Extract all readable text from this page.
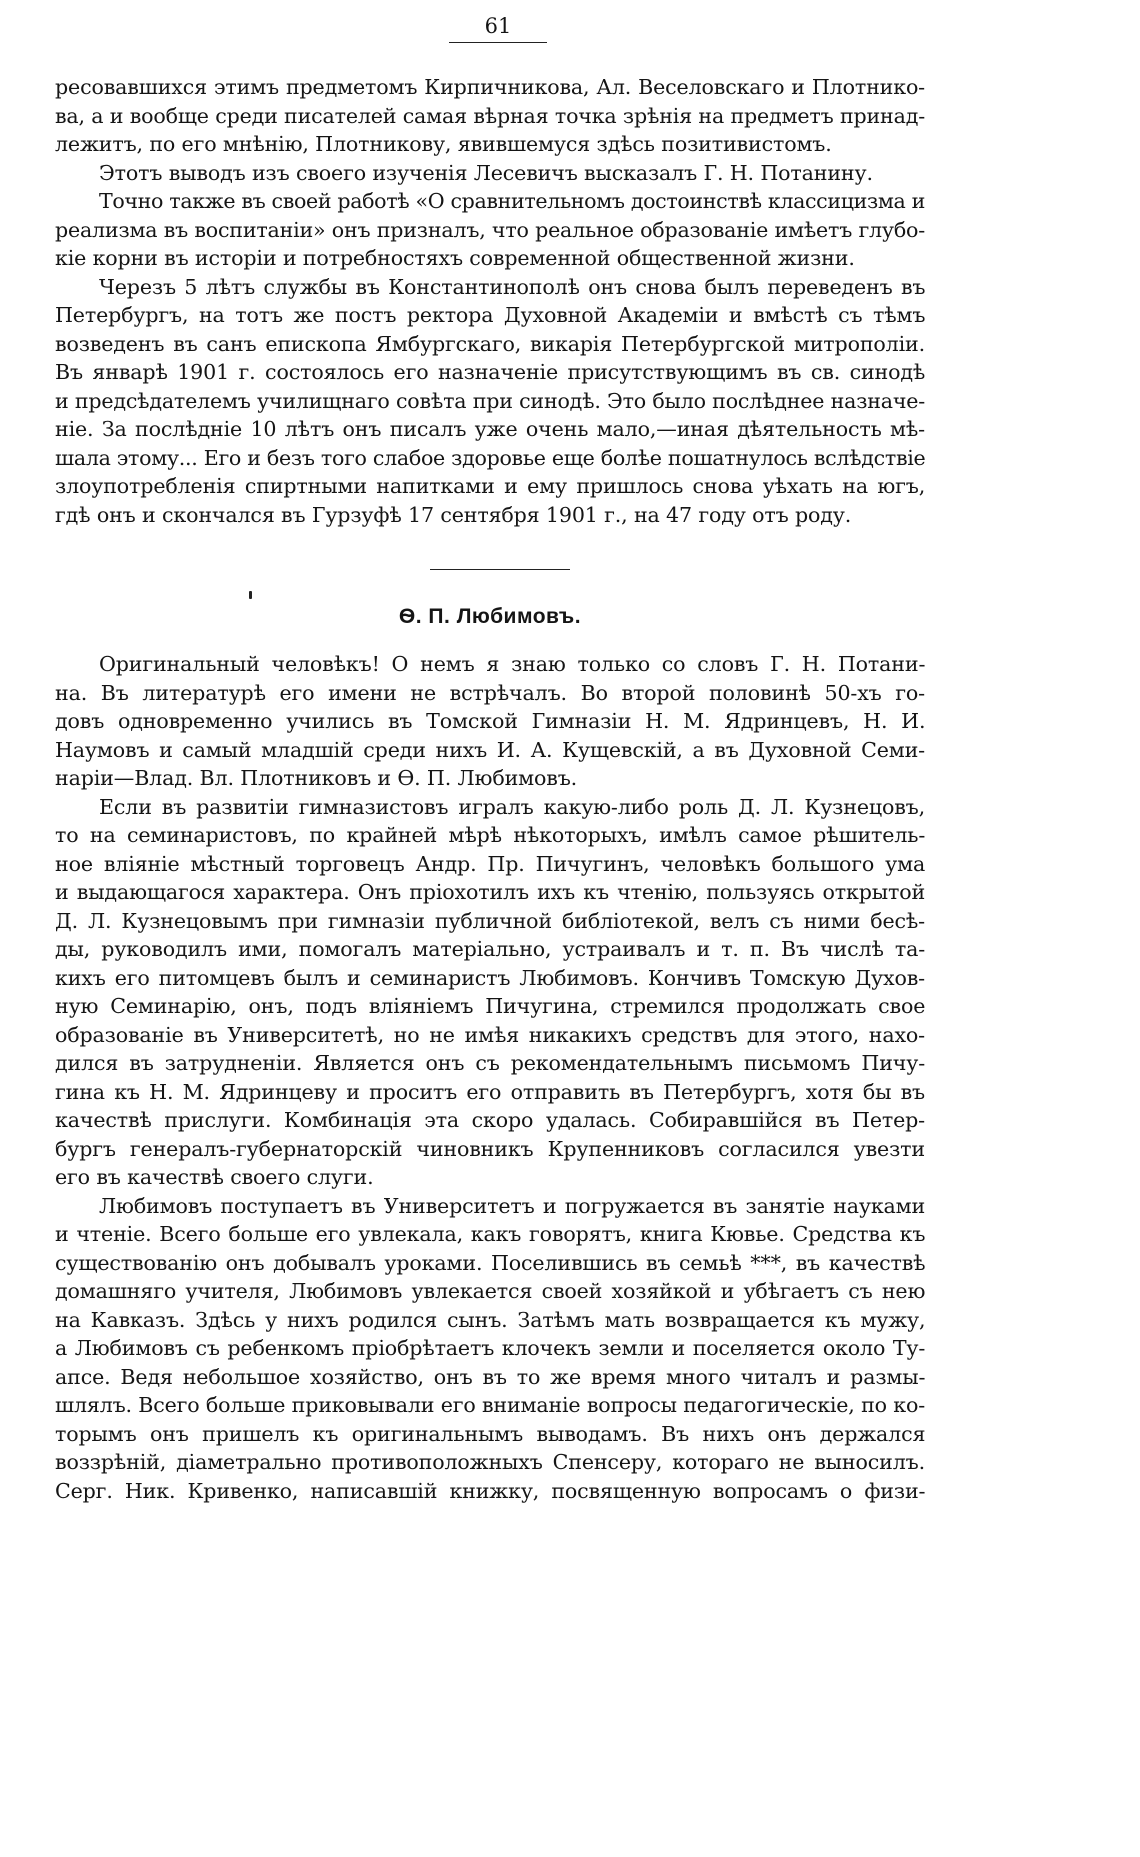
61

ресовавшихся этимъ предметомъ Кирпичникова, Ал. Веселовскаго и Плотнико-
ва, а и вообще среди писателей самая вѣрная точка зрѣнія на предметъ принад-
лежитъ, по его мнѣнію, Плотникову, явившемуся здѣсь позитивистомъ.

Этотъ выводъ изъ своего изученія Лесевичъ высказалъ Г. Н. Потанину.

Точно также въ своей работѣ «О сравнительномъ достоинствѣ классицизма и
реализма въ воспитаніи» онъ призналъ, что реальное образованіе имѣетъ глубо-
кіе корни въ исторіи и потребностяхъ современной общественной жизни.

Черезъ 5 лѣтъ службы въ Константинополѣ онъ снова былъ переведенъ въ
Петербургъ, на тотъ же постъ ректора Духовной Академіи и вмѣстѣ съ тѣмъ
возведенъ въ санъ епископа Ямбургскаго, викарія Петербургской митрополіи.
Въ январѣ 1901 г. состоялось его назначеніе присутствующимъ въ св. синодѣ
и предсѣдателемъ училищнаго совѣта при синодѣ. Это было послѣднее назначе-
ніе. За послѣдніе 10 лѣтъ онъ писалъ уже очень мало,—иная дѣятельность мѣ-
шала этому... Его и безъ того слабое здоровье еще болѣе пошатнулось вслѣдствіе
злоупотребленія спиртными напитками и ему пришлось снова уѣхать на югъ,
гдѣ онъ и скончался въ Гурзуфѣ 17 сентября 1901 г., на 47 году отъ роду.

Ѳ. П. Любимовъ.

Оригинальный человѣкъ! О немъ я знаю только со словъ Г. Н. Потани-
на. Въ литературѣ его имени не встрѣчалъ. Во второй половинѣ 50-хъ го-
довъ одновременно учились въ Томской Гимназіи Н. М. Ядринцевъ, Н. И.
Наумовъ и самый младшій среди нихъ И. А. Кущевскій, а въ Духовной Семи-
наріи—Влад. Вл. Плотниковъ и Ѳ. П. Любимовъ.

Если въ развитіи гимназистовъ игралъ какую-либо роль Д. Л. Кузнецовъ,
то на семинаристовъ, по крайней мѣрѣ нѣкоторыхъ, имѣлъ самое рѣшитель-
ное вліяніе мѣстный торговецъ Андр. Пр. Пичугинъ, человѣкъ большого ума
и выдающагося характера. Онъ пріохотилъ ихъ къ чтенію, пользуясь открытой
Д. Л. Кузнецовымъ при гимназіи публичной библіотекой, велъ съ ними бесѣ-
ды, руководилъ ими, помогалъ матеріально, устраивалъ и т. п. Въ числѣ та-
кихъ его питомцевъ былъ и семинаристъ Любимовъ. Кончивъ Томскую Духов-
ную Семинарію, онъ, подъ вліяніемъ Пичугина, стремился продолжать свое
образованіе въ Университетѣ, но не имѣя никакихъ средствъ для этого, нахо-
дился въ затрудненіи. Является онъ съ рекомендательнымъ письмомъ Пичу-
гина къ Н. М. Ядринцеву и проситъ его отправить въ Петербургъ, хотя бы въ
качествѣ прислуги. Комбинація эта скоро удалась. Собиравшійся въ Петер-
бургъ генералъ-губернаторскій чиновникъ Крупенниковъ согласился увезти
его въ качествѣ своего слуги.

Любимовъ поступаетъ въ Университетъ и погружается въ занятіе науками
и чтеніе. Всего больше его увлекала, какъ говорятъ, книга Кювье. Средства къ
существованію онъ добывалъ уроками. Поселившись въ семьѣ ***, въ качествѣ
домашняго учителя, Любимовъ увлекается своей хозяйкой и убѣгаетъ съ нею
на Кавказъ. Здѣсь у нихъ родился сынъ. Затѣмъ мать возвращается къ мужу,
а Любимовъ съ ребенкомъ пріобрѣтаетъ клочекъ земли и поселяется около Ту-
апсе. Ведя небольшое хозяйство, онъ въ то же время много читалъ и размы-
шлялъ. Всего больше приковывали его вниманіе вопросы педагогическіе, по ко-
торымъ онъ пришелъ къ оригинальнымъ выводамъ. Въ нихъ онъ держался
воззрѣній, діаметрально противоположныхъ Спенсеру, котораго не выносилъ.
Серг. Ник. Кривенко, написавшій книжку, посвященную вопросамъ о физи-
